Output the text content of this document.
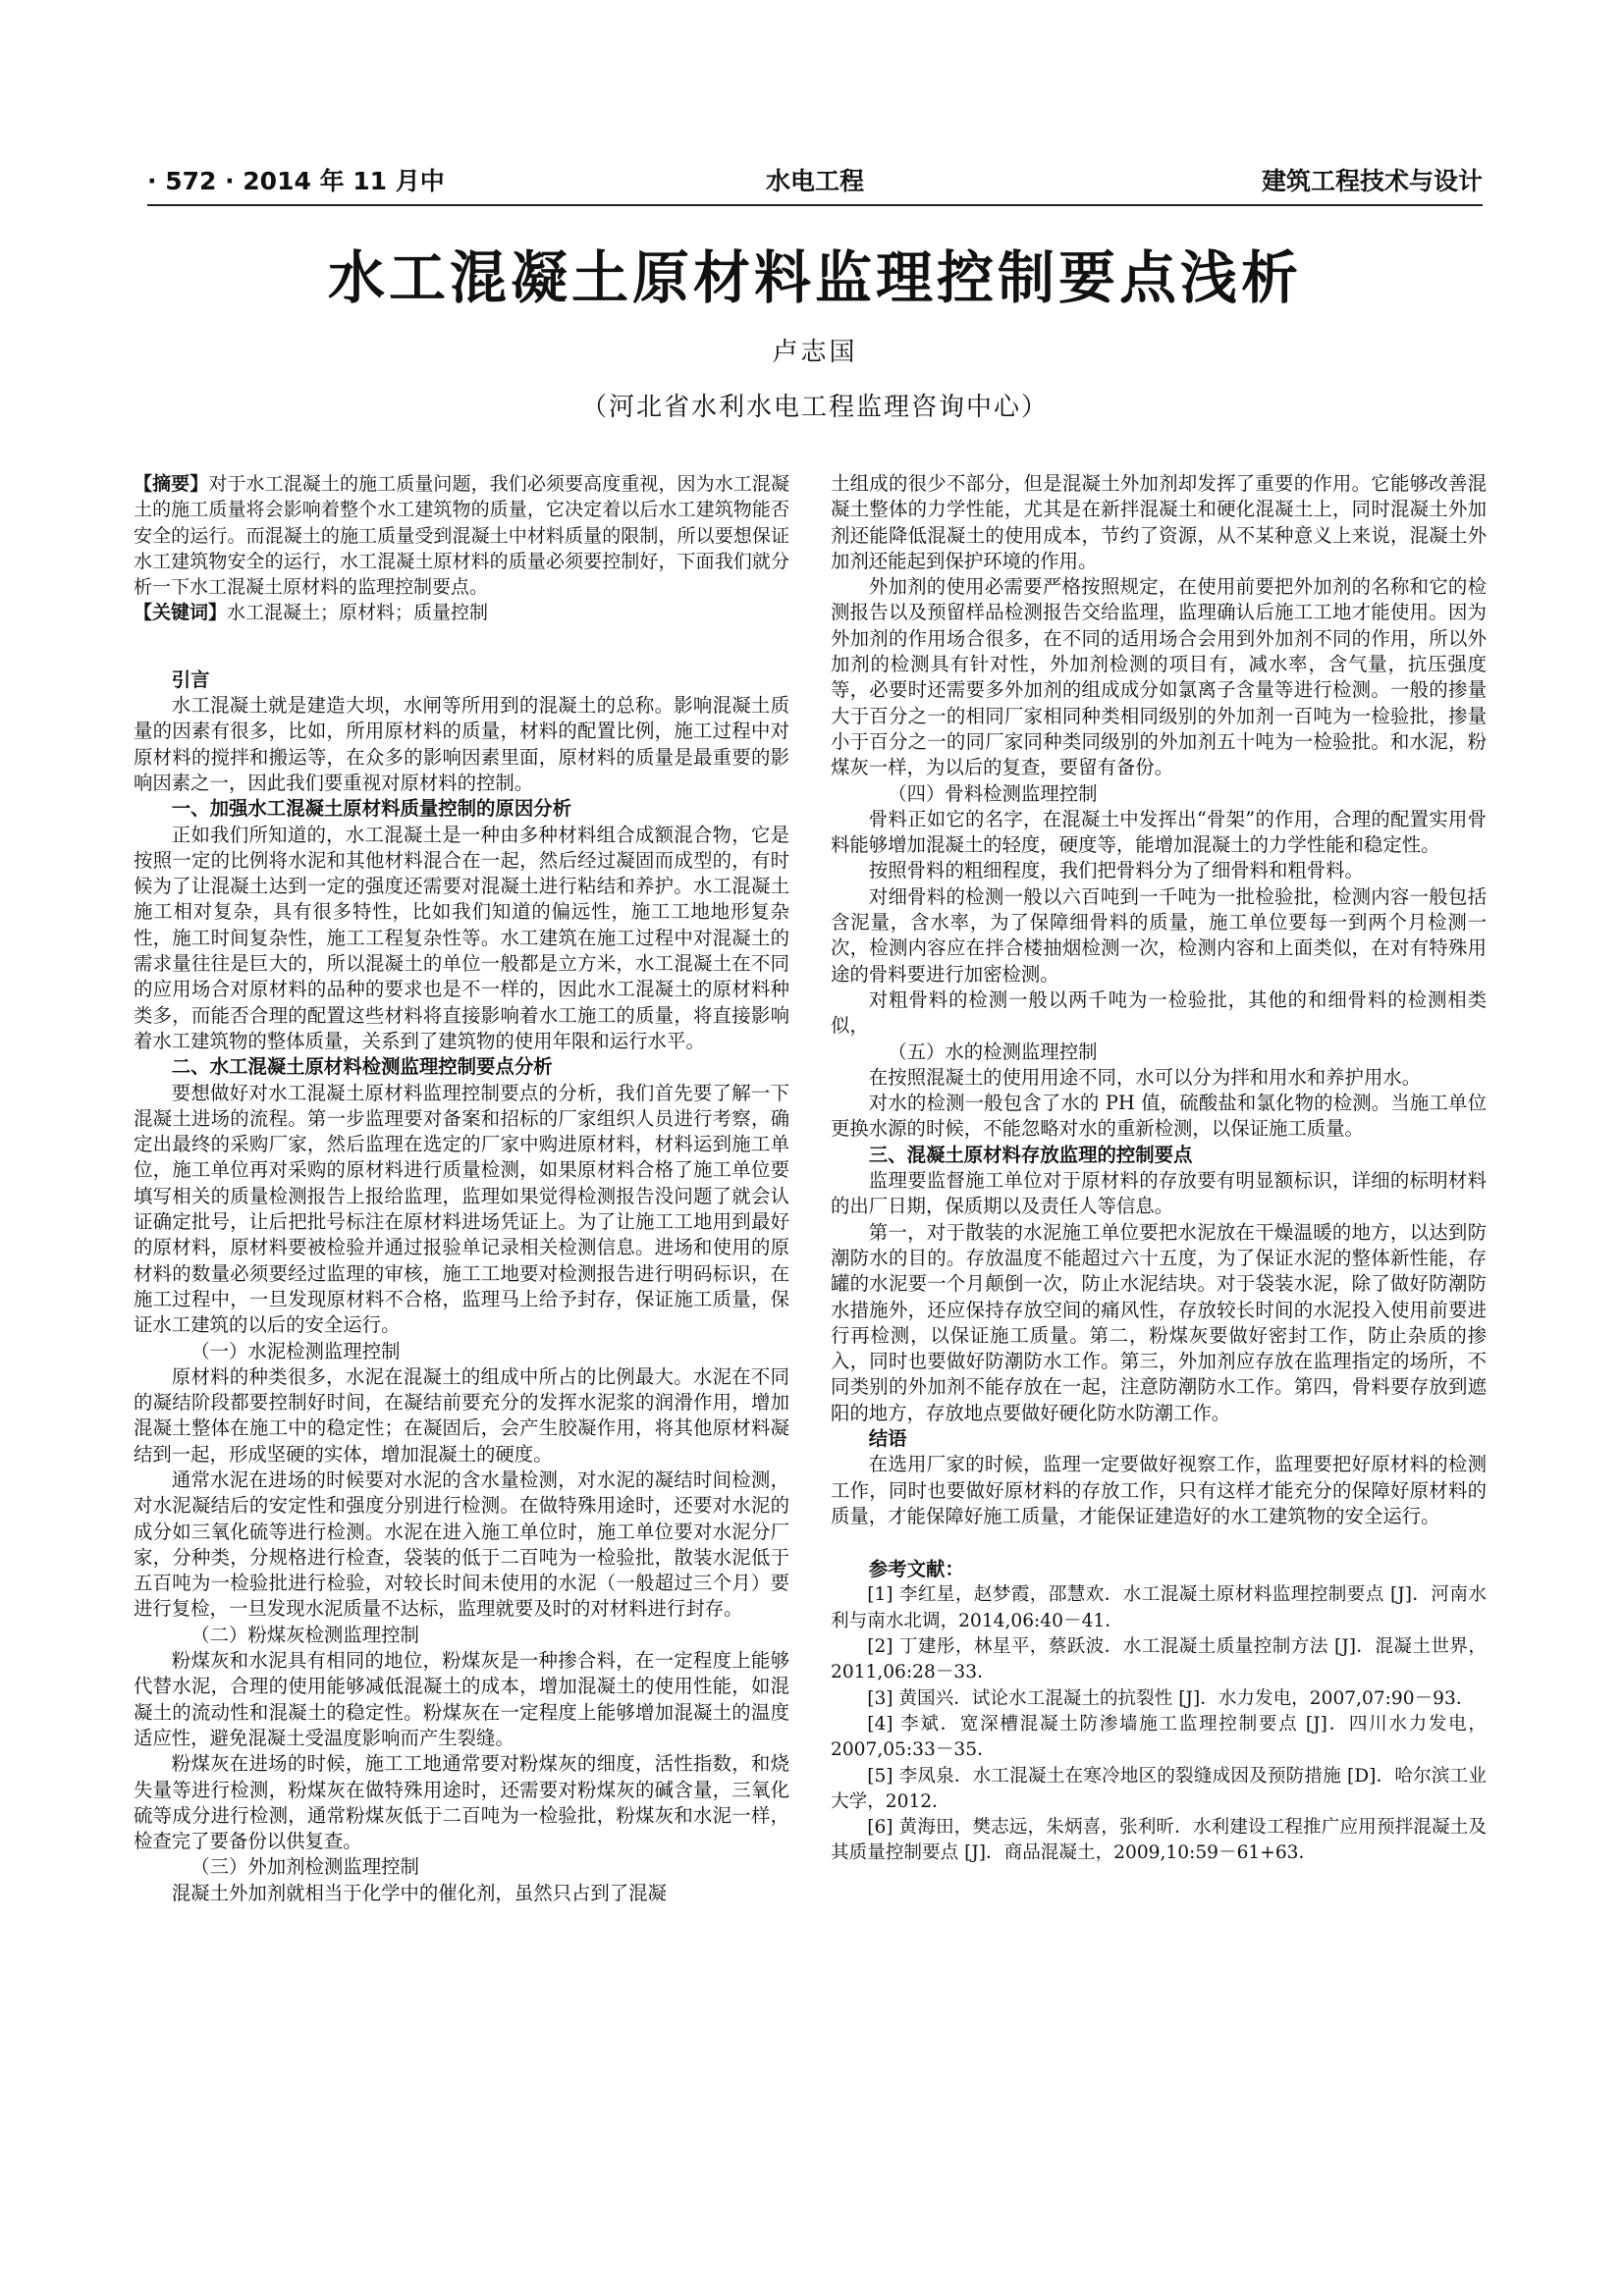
· 572 · 2014 年 11 月中	水电工程	建筑工程技术与设计
水工混凝土原材料监理控制要点浅析
卢志国
（河北省水利水电工程监理咨询中心）

【摘要】对于水工混凝土的施工质量问题，我们必须要高度重视，因为水工混凝土的施工质量将会影响着整个水工建筑物的质量，它决定着以后水工建筑物能否安全的运行。而混凝土的施工质量受到混凝土中材料质量的限制，所以要想保证水工建筑物安全的运行，水工混凝土原材料的质量必须要控制好，下面我们就分析一下水工混凝土原材料的监理控制要点。

【关键词】水工混凝土；原材料；质量控制

引言

水工混凝土就是建造大坝，水闸等所用到的混凝土的总称。影响混凝土质量的因素有很多，比如，所用原材料的质量，材料的配置比例，施工过程中对原材料的搅拌和搬运等，在众多的影响因素里面，原材料的质量是最重要的影响因素之一，因此我们要重视对原材料的控制。

一、加强水工混凝土原材料质量控制的原因分析

正如我们所知道的，水工混凝土是一种由多种材料组合成额混合物，它是按照一定的比例将水泥和其他材料混合在一起，然后经过凝固而成型的，有时候为了让混凝土达到一定的强度还需要对混凝土进行粘结和养护。水工混凝土施工相对复杂，具有很多特性，比如我们知道的偏远性，施工工地地形复杂性，施工时间复杂性，施工工程复杂性等。水工建筑在施工过程中对混凝土的需求量往往是巨大的，所以混凝土的单位一般都是立方米，水工混凝土在不同的应用场合对原材料的品种的要求也是不一样的，因此水工混凝土的原材料种类多，而能否合理的配置这些材料将直接影响着水工施工的质量，将直接影响着水工建筑物的整体质量，关系到了建筑物的使用年限和运行水平。

二、水工混凝土原材料检测监理控制要点分析

要想做好对水工混凝土原材料监理控制要点的分析，我们首先要了解一下混凝土进场的流程。第一步监理要对备案和招标的厂家组织人员进行考察，确定出最终的采购厂家，然后监理在选定的厂家中购进原材料，材料运到施工单位，施工单位再对采购的原材料进行质量检测，如果原材料合格了施工单位要填写相关的质量检测报告上报给监理，监理如果觉得检测报告没问题了就会认证确定批号，让后把批号标注在原材料进场凭证上。为了让施工工地用到最好的原材料，原材料要被检验并通过报验单记录相关检测信息。进场和使用的原材料的数量必须要经过监理的审核，施工工地要对检测报告进行明码标识，在施工过程中，一旦发现原材料不合格，监理马上给予封存，保证施工质量，保证水工建筑的以后的安全运行。

（一）水泥检测监理控制

原材料的种类很多，水泥在混凝土的组成中所占的比例最大。水泥在不同的凝结阶段都要控制好时间，在凝结前要充分的发挥水泥浆的润滑作用，增加混凝土整体在施工中的稳定性；在凝固后，会产生胶凝作用，将其他原材料凝结到一起，形成坚硬的实体，增加混凝土的硬度。

通常水泥在进场的时候要对水泥的含水量检测，对水泥的凝结时间检测，对水泥凝结后的安定性和强度分别进行检测。在做特殊用途时，还要对水泥的成分如三氧化硫等进行检测。水泥在进入施工单位时，施工单位要对水泥分厂家，分种类，分规格进行检查，袋装的低于二百吨为一检验批，散装水泥低于五百吨为一检验批进行检验，对较长时间未使用的水泥（一般超过三个月）要进行复检，一旦发现水泥质量不达标，监理就要及时的对材料进行封存。

（二）粉煤灰检测监理控制

粉煤灰和水泥具有相同的地位，粉煤灰是一种掺合料，在一定程度上能够代替水泥，合理的使用能够减低混凝土的成本，增加混凝土的使用性能，如混凝土的流动性和混凝土的稳定性。粉煤灰在一定程度上能够增加混凝土的温度适应性，避免混凝土受温度影响而产生裂缝。

粉煤灰在进场的时候，施工工地通常要对粉煤灰的细度，活性指数，和烧失量等进行检测，粉煤灰在做特殊用途时，还需要对粉煤灰的碱含量，三氧化硫等成分进行检测，通常粉煤灰低于二百吨为一检验批，粉煤灰和水泥一样，检查完了要备份以供复查。

（三）外加剂检测监理控制

混凝土外加剂就相当于化学中的催化剂，虽然只占到了混凝

土组成的很少不部分，但是混凝土外加剂却发挥了重要的作用。它能够改善混凝土整体的力学性能，尤其是在新拌混凝土和硬化混凝土上，同时混凝土外加剂还能降低混凝土的使用成本，节约了资源，从不某种意义上来说，混凝土外加剂还能起到保护环境的作用。

外加剂的使用必需要严格按照规定，在使用前要把外加剂的名称和它的检测报告以及预留样品检测报告交给监理，监理确认后施工工地才能使用。因为外加剂的作用场合很多，在不同的适用场合会用到外加剂不同的作用，所以外加剂的检测具有针对性，外加剂检测的项目有，减水率，含气量，抗压强度等，必要时还需要多外加剂的组成成分如氯离子含量等进行检测。一般的掺量大于百分之一的相同厂家相同种类相同级别的外加剂一百吨为一检验批，掺量小于百分之一的同厂家同种类同级别的外加剂五十吨为一检验批。和水泥，粉煤灰一样，为以后的复查，要留有备份。

（四）骨料检测监理控制

骨料正如它的名字，在混凝土中发挥出“骨架”的作用，合理的配置实用骨料能够增加混凝土的轻度，硬度等，能增加混凝土的力学性能和稳定性。

按照骨料的粗细程度，我们把骨料分为了细骨料和粗骨料。

对细骨料的检测一般以六百吨到一千吨为一批检验批，检测内容一般包括含泥量，含水率，为了保障细骨料的质量，施工单位要每一到两个月检测一次，检测内容应在拌合楼抽烟检测一次，检测内容和上面类似，在对有特殊用途的骨料要进行加密检测。

对粗骨料的检测一般以两千吨为一检验批，其他的和细骨料的检测相类似，

（五）水的检测监理控制

在按照混凝土的使用用途不同，水可以分为拌和用水和养护用水。

对水的检测一般包含了水的 PH 值，硫酸盐和氯化物的检测。当施工单位更换水源的时候，不能忽略对水的重新检测，以保证施工质量。

三、混凝土原材料存放监理的控制要点

监理要监督施工单位对于原材料的存放要有明显额标识，详细的标明材料的出厂日期，保质期以及责任人等信息。

第一，对于散装的水泥施工单位要把水泥放在干燥温暖的地方，以达到防潮防水的目的。存放温度不能超过六十五度，为了保证水泥的整体新性能，存罐的水泥要一个月颠倒一次，防止水泥结块。对于袋装水泥，除了做好防潮防水措施外，还应保持存放空间的痛风性，存放较长时间的水泥投入使用前要进行再检测，以保证施工质量。第二，粉煤灰要做好密封工作，防止杂质的掺入，同时也要做好防潮防水工作。第三，外加剂应存放在监理指定的场所，不同类别的外加剂不能存放在一起，注意防潮防水工作。第四，骨料要存放到遮阳的地方，存放地点要做好硬化防水防潮工作。

结语

在选用厂家的时候，监理一定要做好视察工作，监理要把好原材料的检测工作，同时也要做好原材料的存放工作，只有这样才能充分的保障好原材料的质量，才能保障好施工质量，才能保证建造好的水工建筑物的安全运行。

参考文献：

[1] 李红星，赵梦霞，邵慧欢．水工混凝土原材料监理控制要点 [J]．河南水利与南水北调，2014,06:40－41．

[2] 丁建彤，林星平，蔡跃波．水工混凝土质量控制方法 [J]．混凝土世界，2011,06:28－33．

[3] 黄国兴．试论水工混凝土的抗裂性 [J]．水力发电，2007,07:90－93．

[4] 李斌．宽深槽混凝土防渗墙施工监理控制要点 [J]．四川水力发电，2007,05:33－35．

[5] 李凤泉．水工混凝土在寒冷地区的裂缝成因及预防措施 [D]．哈尔滨工业大学，2012．

[6] 黄海田，樊志远，朱炳喜，张利昕．水利建设工程推广应用预拌混凝土及其质量控制要点 [J]．商品混凝土，2009,10:59－61+63．
